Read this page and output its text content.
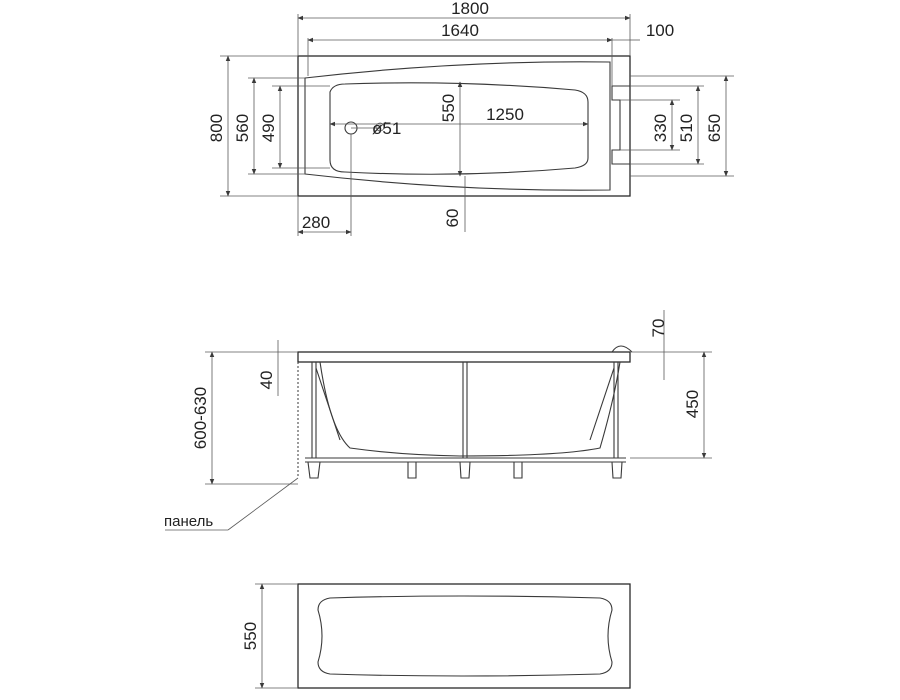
1800
1640	100
1250
800 560 490
550
ø51	330 510 650
280	60
600-630
40
450
70
панель
550
